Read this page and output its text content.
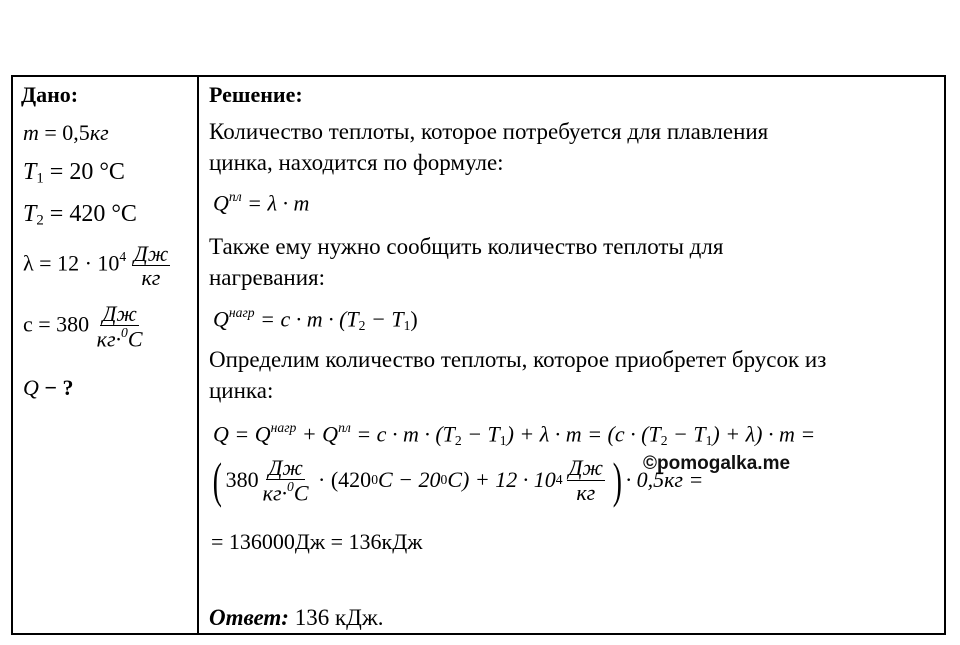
Дано:
m = 0,5кг
$T_1 = 20$ °C
$T_2 = 420$ °C
$\lambda = 12 \cdot 10^4 \frac{Дж}{кг}$
$c = 380 \frac{Дж}{кг\cdot^0C}$
Q − ?
Решение:
Количество теплоты, которое потребуется для плавления
цинка, находится по формуле:
$Q^{пл} = \lambda \cdot m$
Также ему нужно сообщить количество теплоты для
нагревания:
$Q^{нагр} = c \cdot m \cdot (T_2 - T_1)$
Определим количество теплоты, которое приобретет брусок из
цинка:
$Q = Q^{нагр} + Q^{пл} = c \cdot m \cdot (T_2 - T_1) + \lambda \cdot m = (c \cdot (T_2 - T_1) + \lambda) \cdot m$ =
( $380 \frac{Дж}{кг\cdot^0C}$
· (420 0 C − 20 0 C) + 12 · 10 $4 \frac{Дж}{кг}$ ) · 0,5кг =
©pomogalka.me
= 136000Дж = 136кДж
Ответ: 136 кДж.
